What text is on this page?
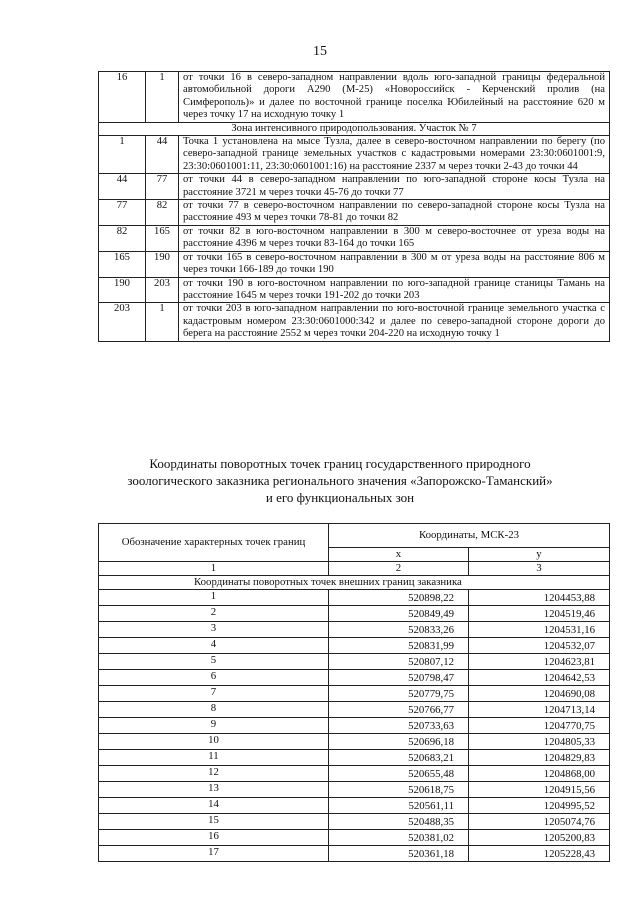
15
16	1	от точки 16 в северо-западном направлении вдоль юго-западной границы федеральной автомобильной дороги А290 (М-25) «Новороссийск - Керченский пролив (на Симферополь)» и далее по восточной границе поселка Юбилейный на расстояние 620 м через точку 17 на исходную точку 1
Зона интенсивного природопользования. Участок № 7		
1	44	Точка 1 установлена на мысе Тузла, далее в северо-восточном направлении по берегу (по северо-западной границе земельных участков с кадастровыми номерами 23:30:0601001:9, 23:30:0601001:11, 23:30:0601001:16) на расстояние 2337 м через точки 2-43 до точки 44
44	77	от точки 44 в северо-западном направлении по юго-западной стороне косы Тузла на расстояние 3721 м через точки 45-76 до точки 77
77	82	от точки 77 в северо-восточном направлении по северо-западной стороне косы Тузла на расстояние 493 м через точки 78-81 до точки 82
82	165	от точки 82 в юго-восточном направлении в 300 м северо-восточнее от уреза воды на расстояние 4396 м через точки 83-164 до точки 165
165	190	от точки 165 в северо-восточном направлении в 300 м от уреза воды на расстояние 806 м через точки 166-189 до точки 190
190	203	от точки 190 в юго-восточном направлении по юго-западной границе станицы Тамань на расстояние 1645 м через точки 191-202 до точки 203
203	1	от точки 203 в юго-западном направлении по юго-восточной границе земельного участка с кадастровым номером 23:30:0601000:342 и далее по северо-западной стороне дороги до берега на расстояние 2552 м через точки 204-220 на исходную точку 1
Координаты поворотных точек границ государственного природного
зоологического заказника регионального значения «Запорожско-Таманский»
и его функциональных зон
Обозначение характерных точек границ	Координаты, МСК-23	
	х	у
1	2	3
Координаты поворотных точек внешних границ заказника		
1	520898,22	1204453,88
2	520849,49	1204519,46
3	520833,26	1204531,16
4	520831,99	1204532,07
5	520807,12	1204623,81
6	520798,47	1204642,53
7	520779,75	1204690,08
8	520766,77	1204713,14
9	520733,63	1204770,75
10	520696,18	1204805,33
11	520683,21	1204829,83
12	520655,48	1204868,00
13	520618,75	1204915,56
14	520561,11	1204995,52
15	520488,35	1205074,76
16	520381,02	1205200,83
17	520361,18	1205228,43
